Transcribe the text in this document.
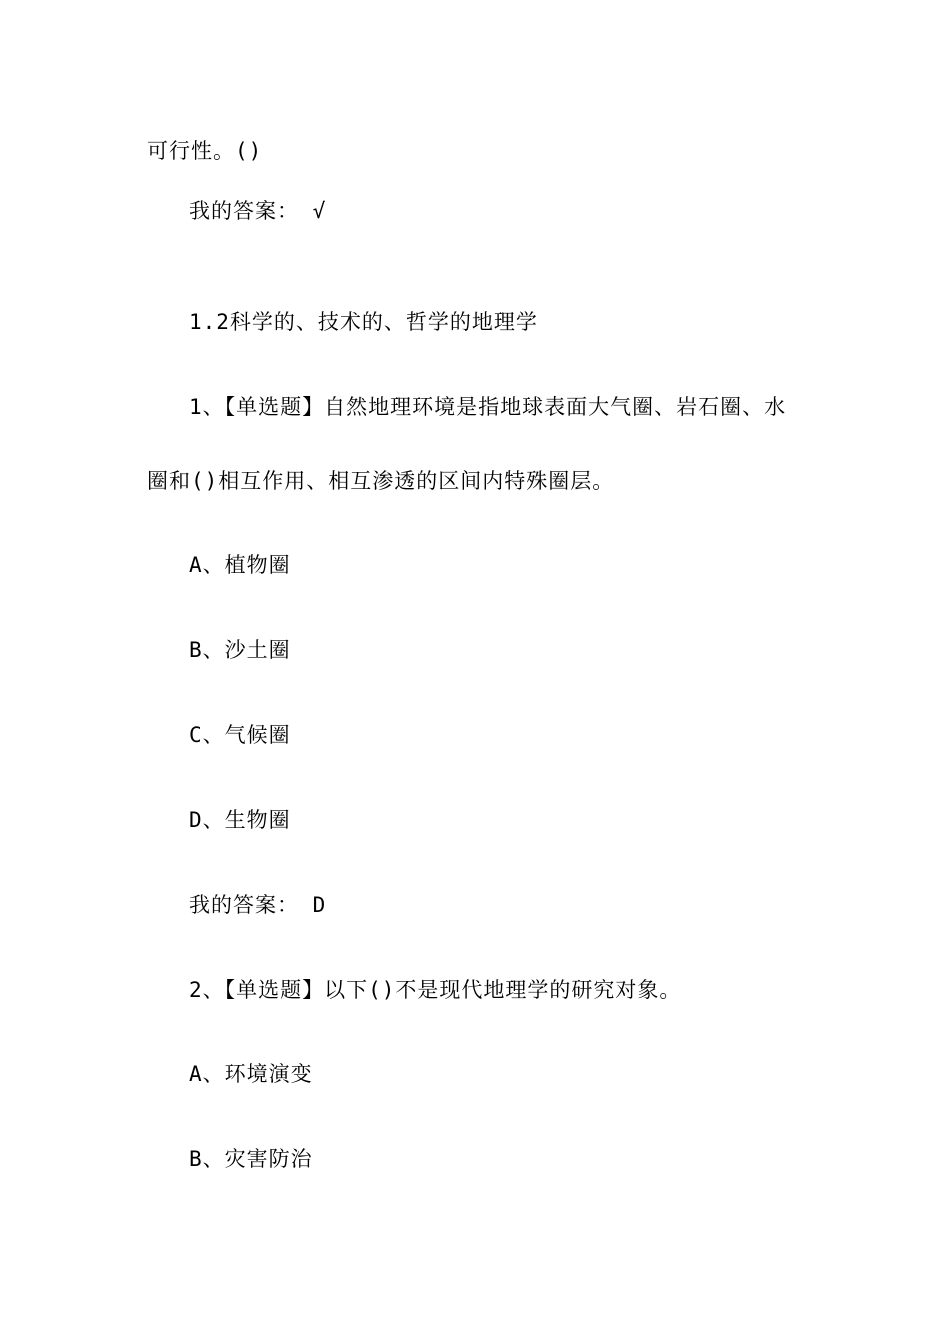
可行性。()
我的答案： √
1.2科学的、技术的、哲学的地理学
1、【单选题】自然地理环境是指地球表面大气圈、岩石圈、水
圈和()相互作用、相互渗透的区间内特殊圈层。
A、植物圈
B、沙土圈
C、气候圈
D、生物圈
我的答案： D
2、【单选题】以下()不是现代地理学的研究对象。
A、环境演变
B、灾害防治
